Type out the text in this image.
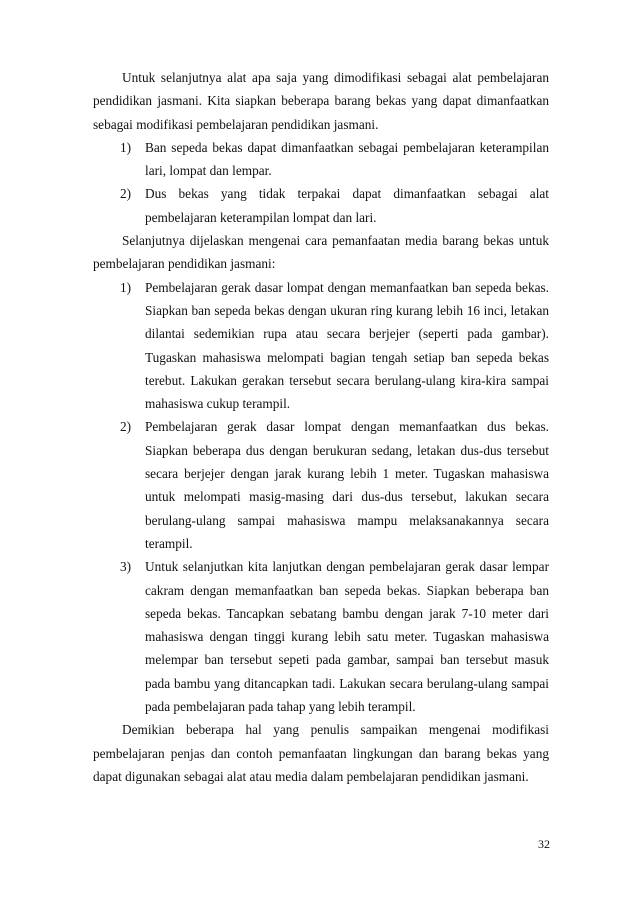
Untuk selanjutnya alat apa saja yang dimodifikasi sebagai alat pembelajaran pendidikan jasmani. Kita siapkan beberapa barang bekas yang dapat dimanfaatkan sebagai modifikasi pembelajaran pendidikan jasmani.

1) Ban sepeda bekas dapat dimanfaatkan sebagai pembelajaran keterampilan lari, lompat dan lempar.
2) Dus bekas yang tidak terpakai dapat dimanfaatkan sebagai alat pembelajaran keterampilan lompat dan lari.

Selanjutnya dijelaskan mengenai cara pemanfaatan media barang bekas untuk pembelajaran pendidikan jasmani:

1) Pembelajaran gerak dasar lompat dengan memanfaatkan ban sepeda bekas. Siapkan ban sepeda bekas dengan ukuran ring kurang lebih 16 inci, letakan dilantai sedemikian rupa atau secara berjejer (seperti pada gambar). Tugaskan mahasiswa melompati bagian tengah setiap ban sepeda bekas terebut. Lakukan gerakan tersebut secara berulang-ulang kira-kira sampai mahasiswa cukup terampil.
2) Pembelajaran gerak dasar lompat dengan memanfaatkan dus bekas. Siapkan beberapa dus dengan berukuran sedang, letakan dus-dus tersebut secara berjejer dengan jarak kurang lebih 1 meter. Tugaskan mahasiswa untuk melompati masig-masing dari dus-dus tersebut, lakukan secara berulang-ulang sampai mahasiswa mampu melaksanakannya secara terampil.
3) Untuk selanjutkan kita lanjutkan dengan pembelajaran gerak dasar lempar cakram dengan memanfaatkan ban sepeda bekas. Siapkan beberapa ban sepeda bekas. Tancapkan sebatang bambu dengan jarak 7-10 meter dari mahasiswa dengan tinggi kurang lebih satu meter. Tugaskan mahasiswa melempar ban tersebut sepeti pada gambar, sampai ban tersebut masuk pada bambu yang ditancapkan tadi. Lakukan secara berulang-ulang sampai pada pembelajaran pada tahap yang lebih terampil.

Demikian beberapa hal yang penulis sampaikan mengenai modifikasi pembelajaran penjas dan contoh pemanfaatan lingkungan dan barang bekas yang dapat digunakan sebagai alat atau media dalam pembelajaran pendidikan jasmani.

32
